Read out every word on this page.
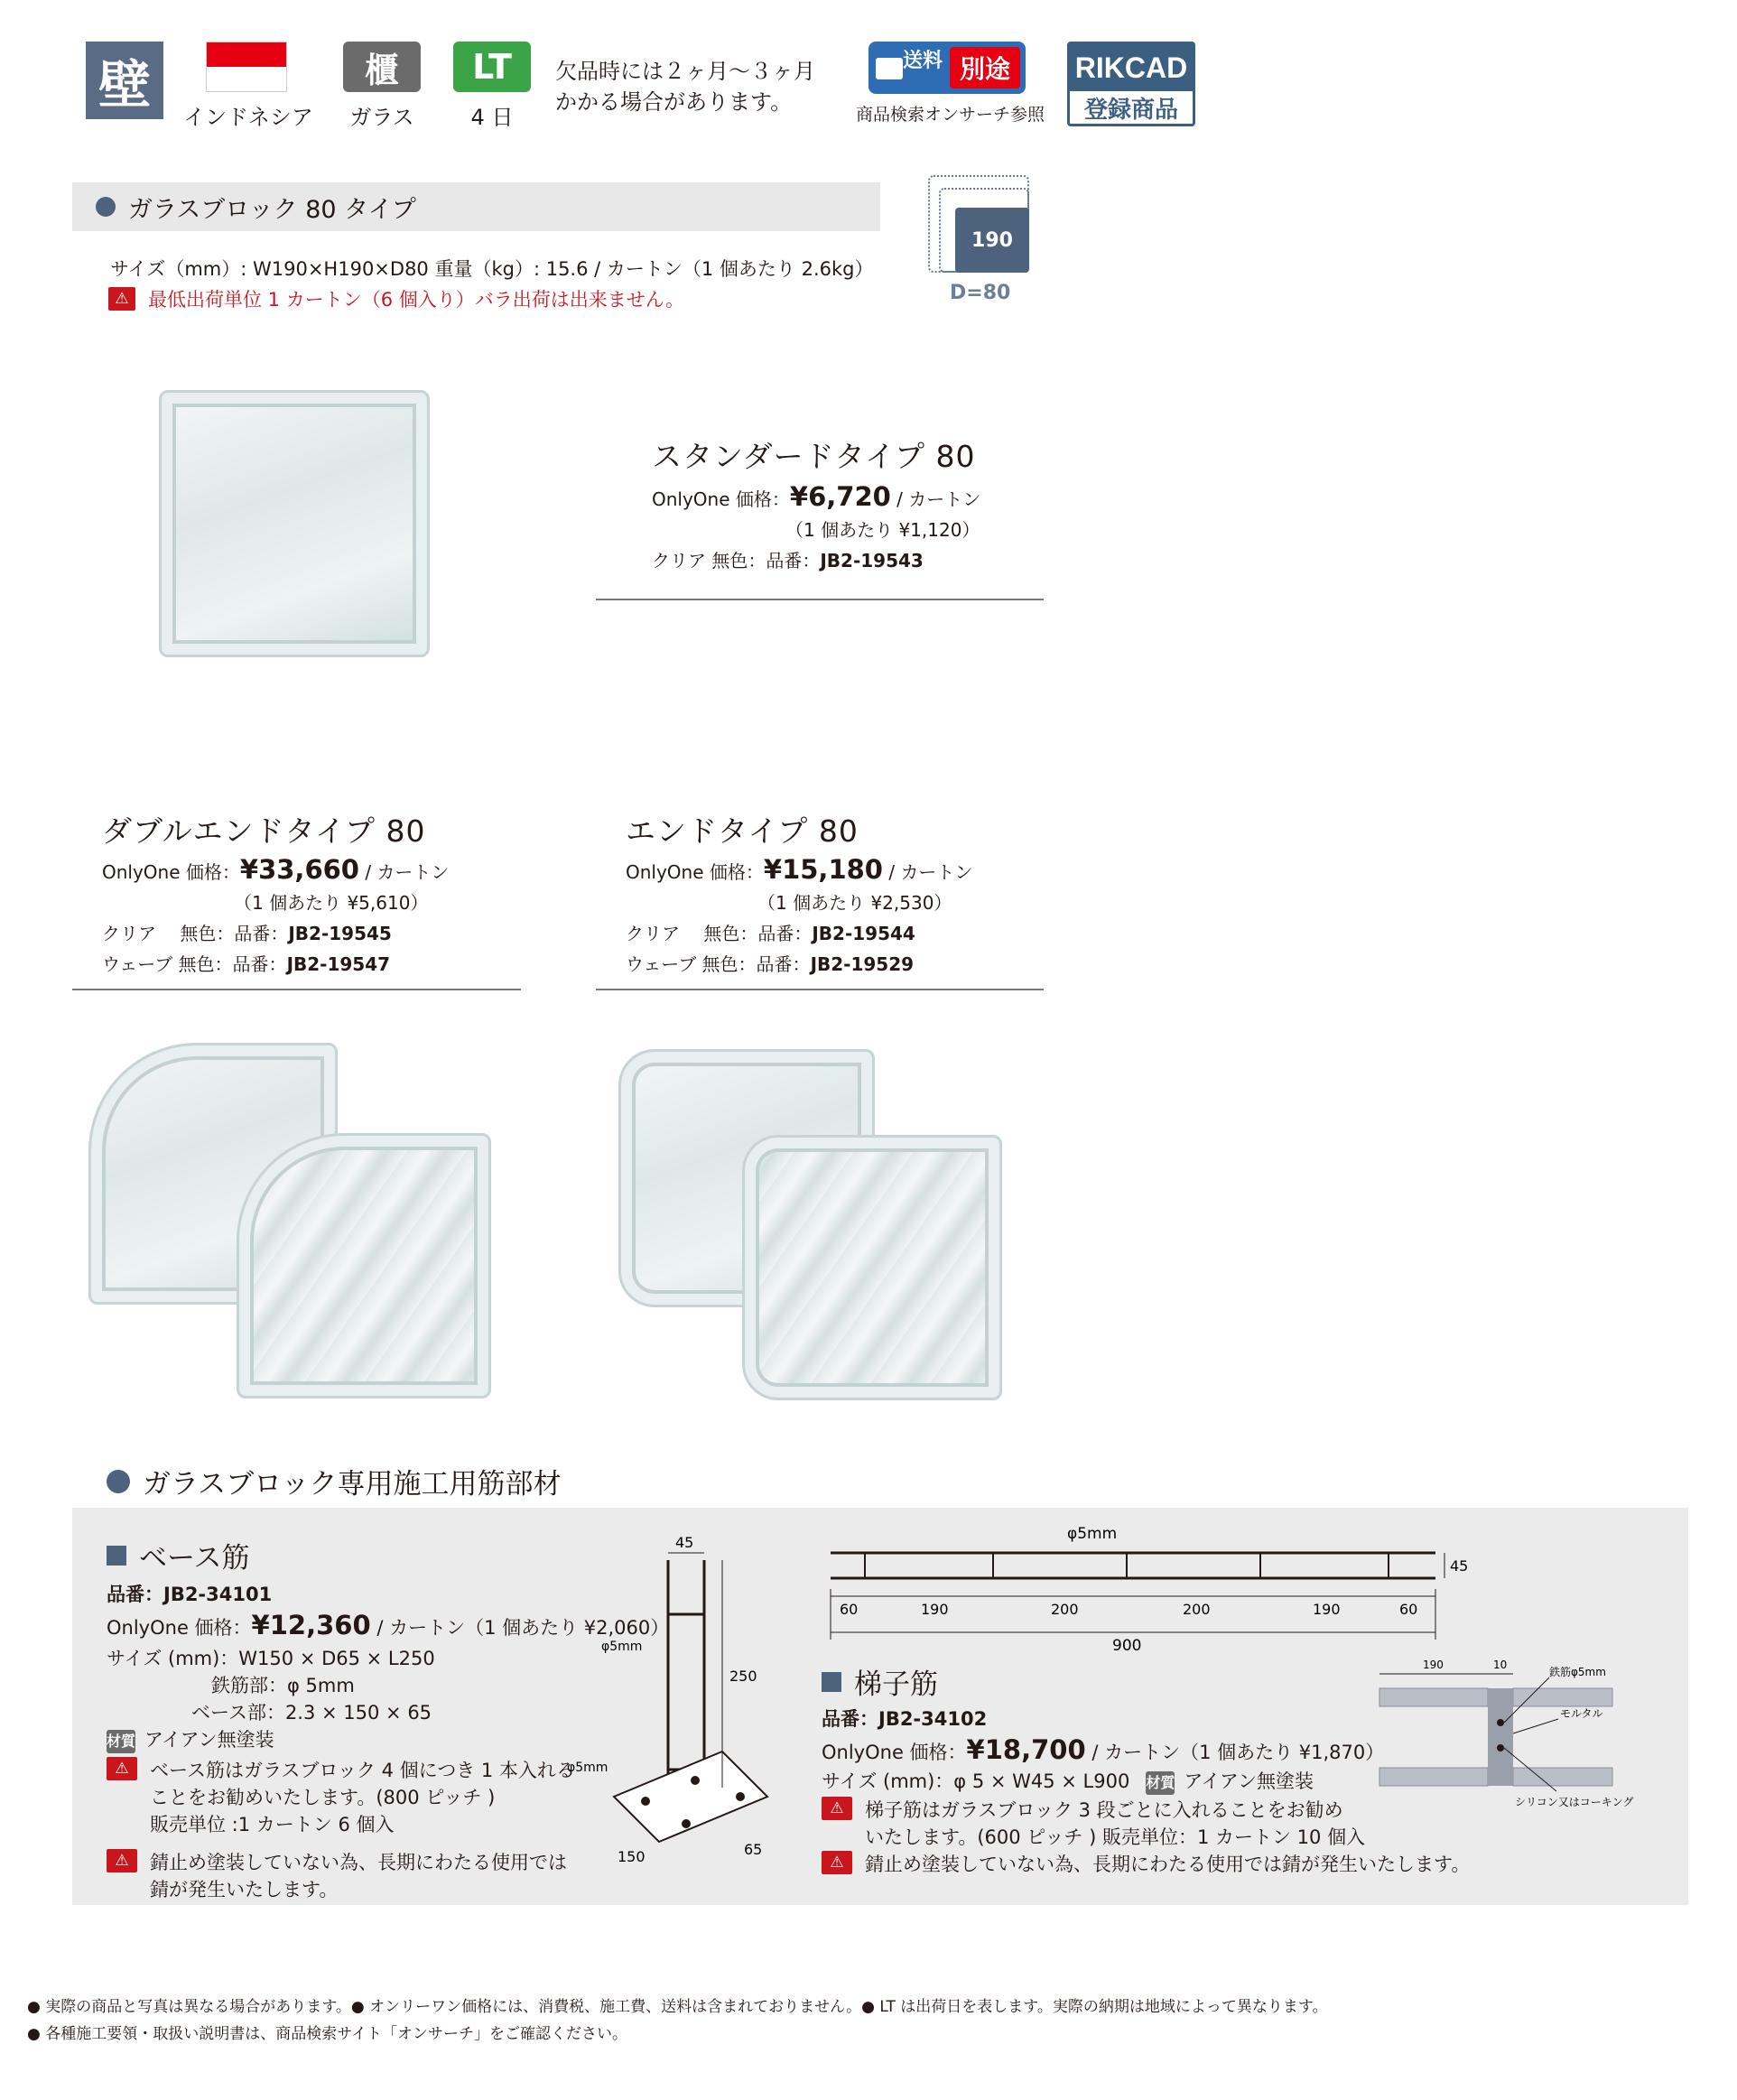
壁
インドネシア
櫃
ガラス
LT
4 日
欠品時には２ヶ月〜３ヶ月
かかる場合があります。
送料 別途
商品検索オンサーチ参照
RIKCAD
登録商品
ガラスブロック 80 タイプ
サイズ（mm）: W190×H190×D80 重量（kg）: 15.6 / カートン（1 個あたり 2.6kg）
⚠	最低出荷単位 1 カートン（6 個入り）バラ出荷は出来ません。
190
D=80
スタンダードタイプ 80
OnlyOne 価格：¥6,720 / カートン
（1 個あたり ¥1,120）
クリア 無色：品番：JB2-19543
ダブルエンドタイプ 80
OnlyOne 価格：¥33,660 / カートン
（1 個あたり ¥5,610）
クリア　 無色：品番：JB2-19545
ウェーブ 無色：品番：JB2-19547
エンドタイプ 80
OnlyOne 価格：¥15,180 / カートン
（1 個あたり ¥2,530）
クリア　 無色：品番：JB2-19544
ウェーブ 無色：品番：JB2-19529
ガラスブロック専用施工用筋部材
ベース筋
品番：JB2-34101
OnlyOne 価格：¥12,360 / カートン（1 個あたり ¥2,060）
サイズ (mm)：W150 × D65 × L250
鉄筋部：φ 5mm
ベース部：2.3 × 150 × 65
材質 アイアン無塗装
⚠ ベース筋はガラスブロック 4 個につき 1 本入れる
ことをお勧めいたします。(800 ピッチ )
販売単位 :1 カートン 6 個入
⚠ 錆止め塗装していない為、長期にわたる使用では
錆が発生いたします。
45
φ5mm
250
φ5mm
150	65
φ5mm
45
60	190	200	200	190	60
900
190	10
鉄筋φ5mm
モルタル
シリコン又はコーキング
梯子筋
品番：JB2-34102
OnlyOne 価格：¥18,700 / カートン（1 個あたり ¥1,870）
サイズ (mm)：φ 5 × W45 × L900 材質 アイアン無塗装
⚠ 梯子筋はガラスブロック 3 段ごとに入れることをお勧め
いたします。(600 ピッチ ) 販売単位：1 カートン 10 個入
⚠ 錆止め塗装していない為、長期にわたる使用では錆が発生いたします。
● 実際の商品と写真は異なる場合があります。● オンリーワン価格には、消費税、施工費、送料は含まれておりません。● LT は出荷日を表します。実際の納期は地域によって異なります。
● 各種施工要領・取扱い説明書は、商品検索サイト「オンサーチ」をご確認ください。
